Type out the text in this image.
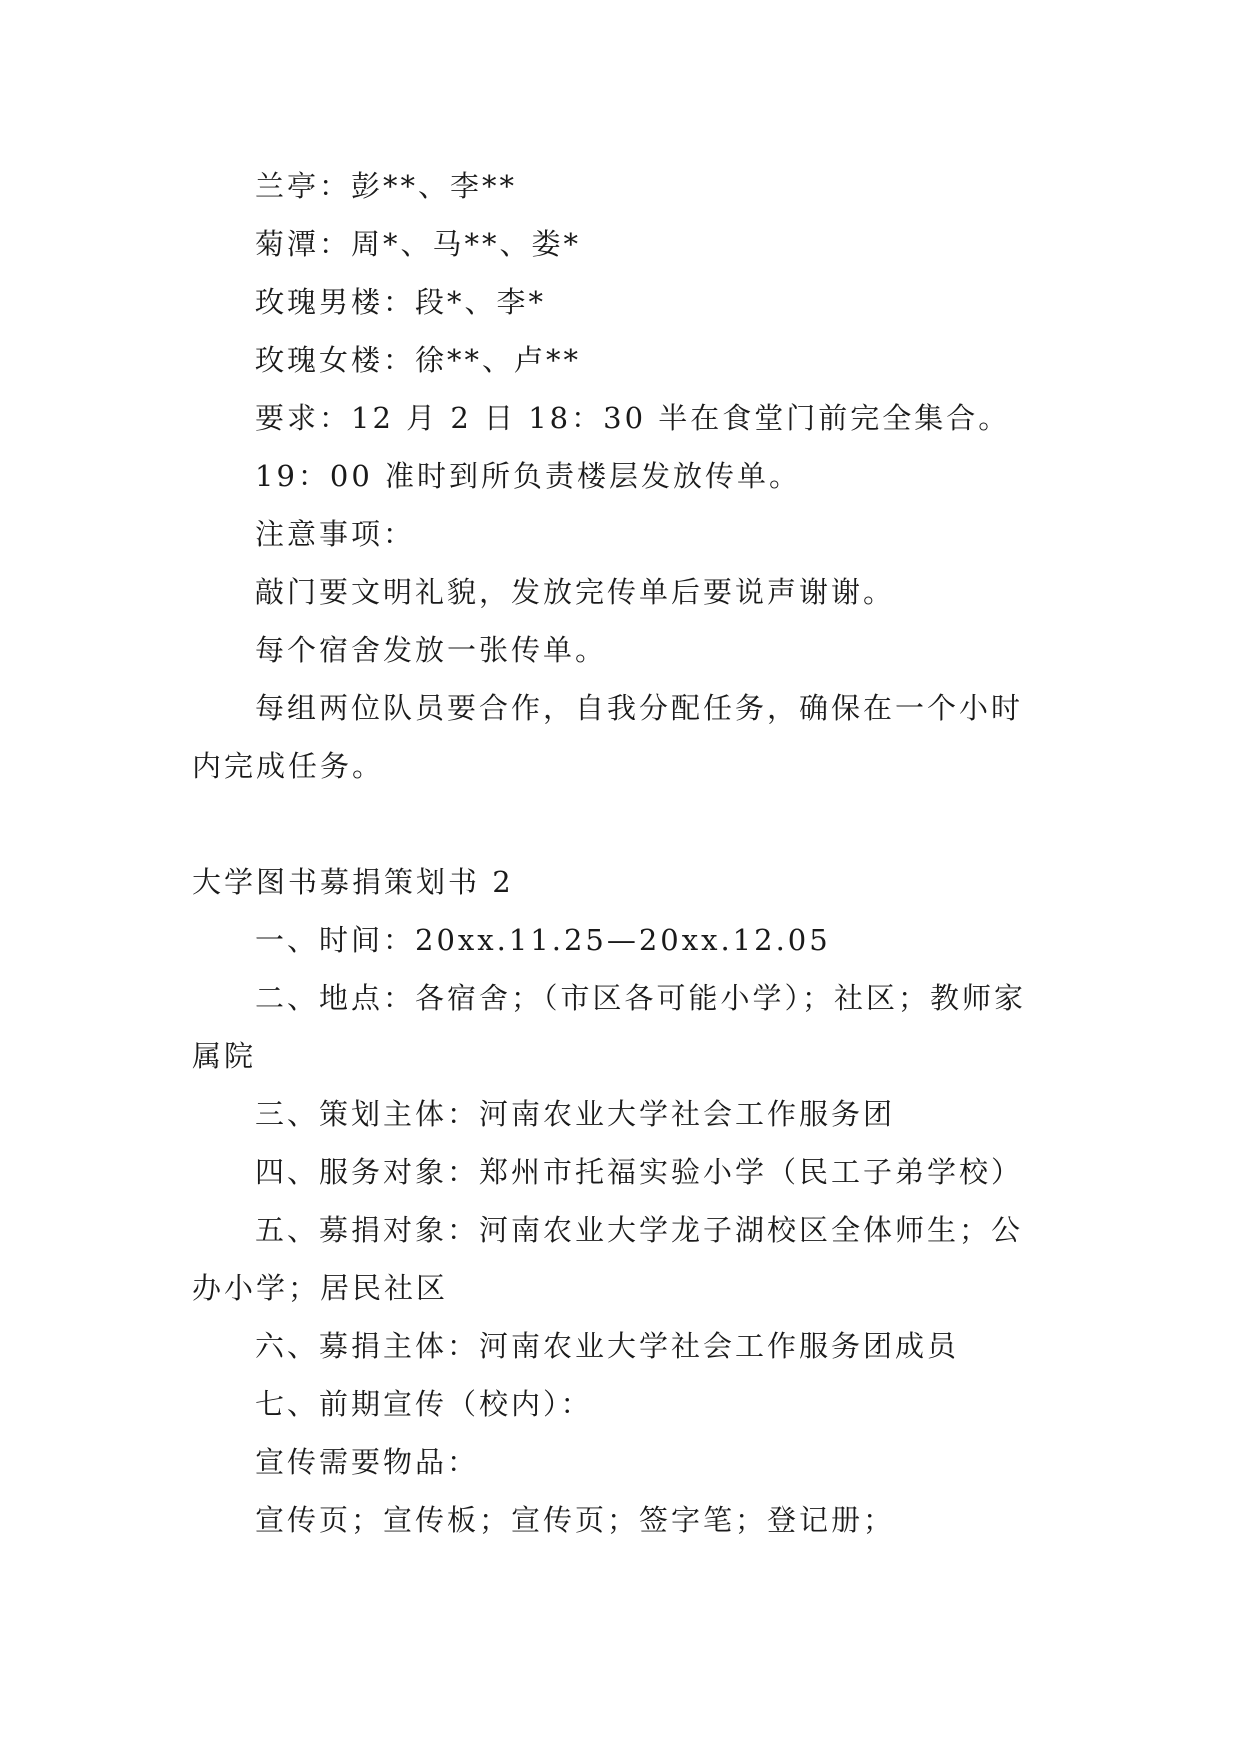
兰亭：彭**、李**
菊潭：周*、马**、娄*
玫瑰男楼：段*、李*
玫瑰女楼：徐**、卢**
要求：12 月 2 日 18：30 半在食堂门前完全集合。
19：00 准时到所负责楼层发放传单。
注意事项：
敲门要文明礼貌，发放完传单后要说声谢谢。
每个宿舍发放一张传单。
每组两位队员要合作，自我分配任务，确保在一个小时
内完成任务。
大学图书募捐策划书 2
一、时间：20xx.11.25—20xx.12.05
二、地点：各宿舍；（市区各可能小学）；社区；教师家
属院
三、策划主体：河南农业大学社会工作服务团
四、服务对象：郑州市托福实验小学（民工子弟学校）
五、募捐对象：河南农业大学龙子湖校区全体师生；公
办小学；居民社区
六、募捐主体：河南农业大学社会工作服务团成员
七、前期宣传（校内）：
宣传需要物品：
宣传页；宣传板；宣传页；签字笔；登记册；
